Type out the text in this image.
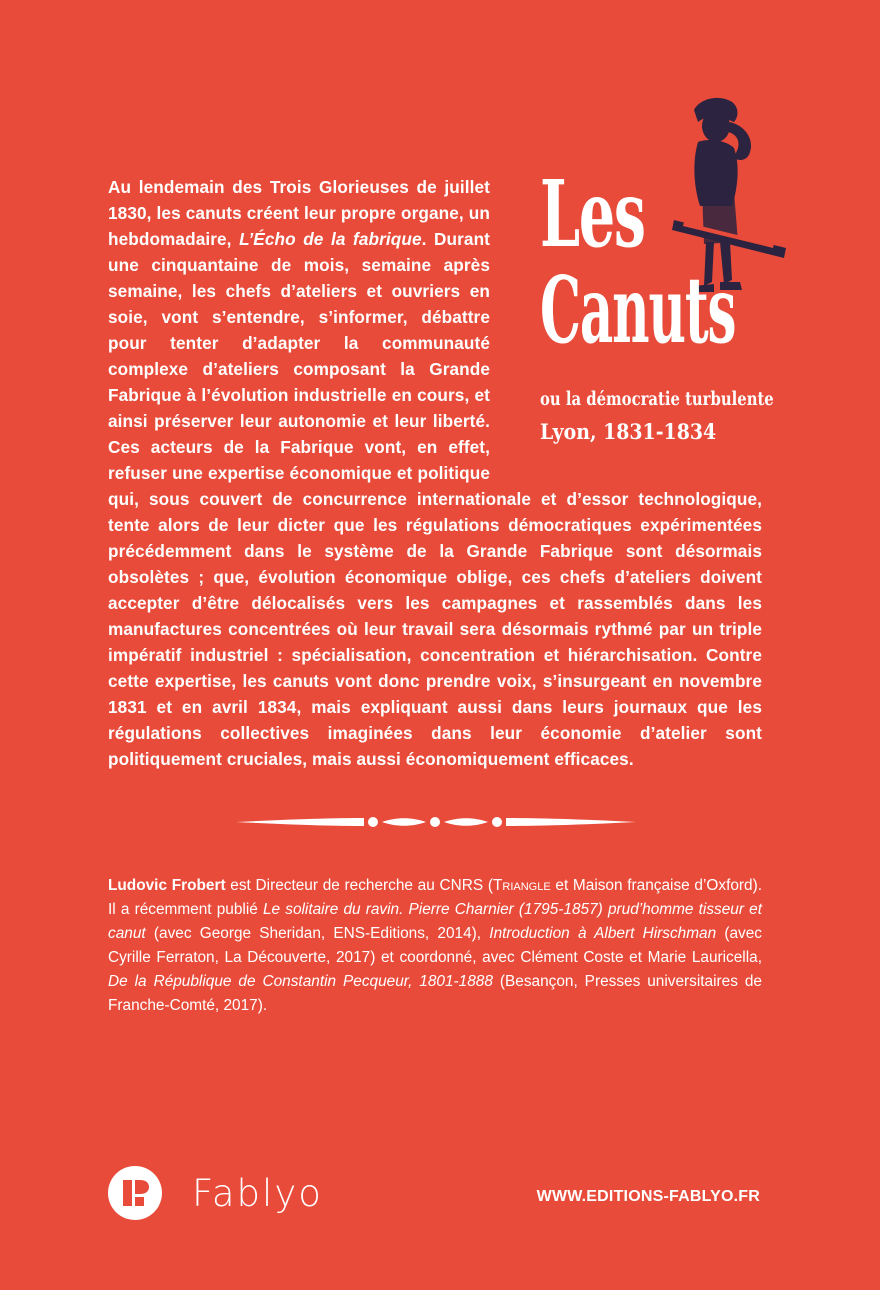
Au lendemain des Trois Glorieuses de juillet 1830, les canuts créent leur propre organe, un hebdomadaire, L’Écho de la fabrique. Durant une cinquantaine de mois, semaine après semaine, les chefs d’ateliers et ouvriers en soie, vont s’entendre, s’informer, débattre pour tenter d’adapter la communauté complexe d’ateliers composant la Grande Fabrique à l’évolution industrielle en cours, et ainsi préserver leur autonomie et leur liberté. Ces acteurs de la Fabrique vont, en effet, refuser une expertise économique et politique qui, sous couvert de concurrence internationale et d’essor technologique, tente alors de leur dicter que les régulations démocratiques expérimentées précédemment dans le système de la Grande Fabrique sont désormais obsolètes ; que, évolution économique oblige, ces chefs d’ateliers doivent accepter d’être délocalisés vers les campagnes et rassemblés dans les manufactures concentrées où leur travail sera désormais rythmé par un triple impératif industriel : spécialisation, concentration et hiérarchisation. Contre cette expertise, les canuts vont donc prendre voix, s’insurgeant en novembre 1831 et en avril 1834, mais expliquant aussi dans leurs journaux que les régulations collectives imaginées dans leur économie d’atelier sont politiquement cruciales, mais aussi économiquement efficaces.

Les
Canuts
ou la démocratie turbulente
Lyon, 1831-1834

Ludovic Frobert est Directeur de recherche au CNRS (Triangle et Maison française d’Oxford). Il a récemment publié Le solitaire du ravin. Pierre Charnier (1795-1857) prud’homme tisseur et canut (avec George Sheridan, ENS-Editions, 2014), Introduction à Albert Hirschman (avec Cyrille Ferraton, La Découverte, 2017) et coordonné, avec Clément Coste et Marie Lauricella, De la République de Constantin Pecqueur, 1801-1888 (Besançon, Presses universitaires de Franche-Comté, 2017).

Fablyo	WWW.EDITIONS-FABLYO.FR
